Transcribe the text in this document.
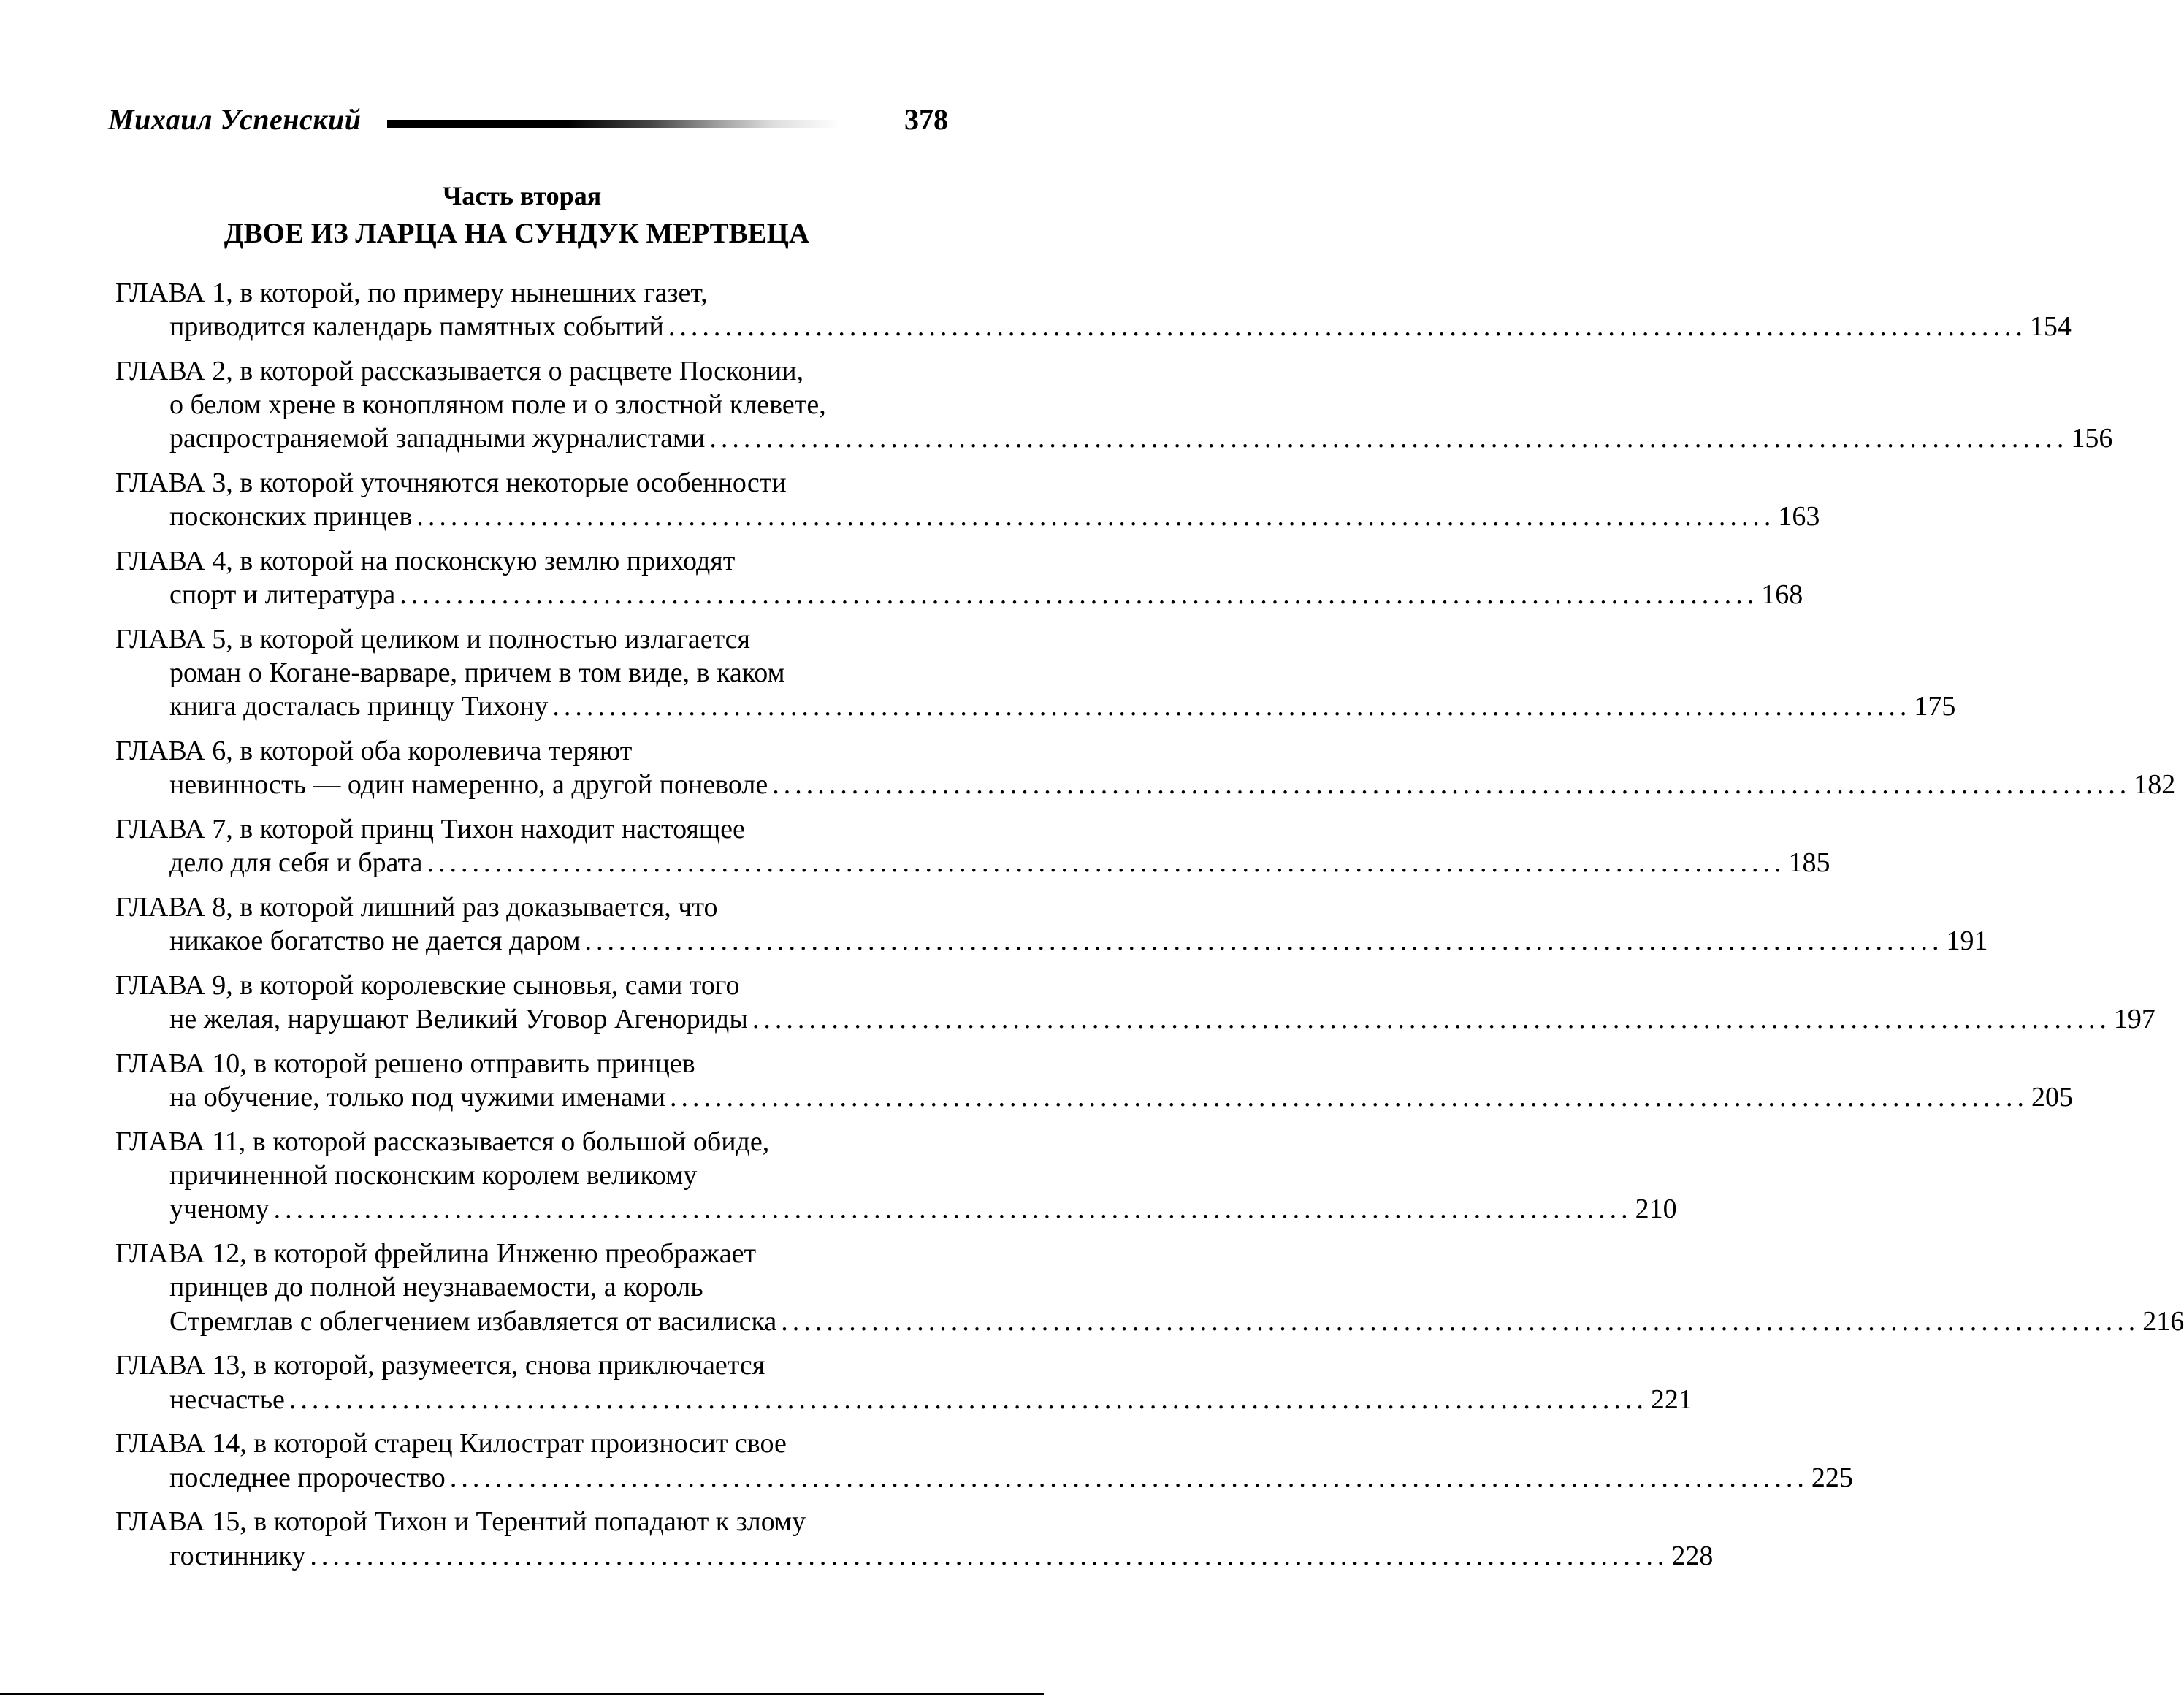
Михаил Успенский	378
Часть вторая
ДВОЕ ИЗ ЛАРЦА НА СУНДУК МЕРТВЕЦА
ГЛАВА 1, в которой, по примеру нынешних газет,
приводится календарь памятных событий ........................................................................................................................ 154
ГЛАВА 2, в которой рассказывается о расцвете Посконии,
о белом хрене в конопляном поле и о злостной клевете,
распространяемой западными журналистами ........................................................................................................................ 156
ГЛАВА 3, в которой уточняются некоторые особенности
посконских принцев ........................................................................................................................ 163
ГЛАВА 4, в которой на посконскую землю приходят
спорт и литература ........................................................................................................................ 168
ГЛАВА 5, в которой целиком и полностью излагается
роман о Когане-варваре, причем в том виде, в каком
книга досталась принцу Тихону ........................................................................................................................ 175
ГЛАВА 6, в которой оба королевича теряют
невинность — один намеренно, а другой поневоле ........................................................................................................................ 182
ГЛАВА 7, в которой принц Тихон находит настоящее
дело для себя и брата ........................................................................................................................ 185
ГЛАВА 8, в которой лишний раз доказывается, что
никакое богатство не дается даром ........................................................................................................................ 191
ГЛАВА 9, в которой королевские сыновья, сами того
не желая, нарушают Великий Уговор Агенориды ........................................................................................................................ 197
ГЛАВА 10, в которой решено отправить принцев
на обучение, только под чужими именами ........................................................................................................................ 205
ГЛАВА 11, в которой рассказывается о большой обиде,
причиненной посконским королем великому
ученому ........................................................................................................................ 210
ГЛАВА 12, в которой фрейлина Инженю преображает
принцев до полной неузнаваемости, а король
Стремглав с облегчением избавляется от василиска ........................................................................................................................ 216
ГЛАВА 13, в которой, разумеется, снова приключается
несчастье ........................................................................................................................ 221
ГЛАВА 14, в которой старец Килострат произносит свое
последнее пророчество ........................................................................................................................ 225
ГЛАВА 15, в которой Тихон и Терентий попадают к злому
гостиннику ........................................................................................................................ 228
